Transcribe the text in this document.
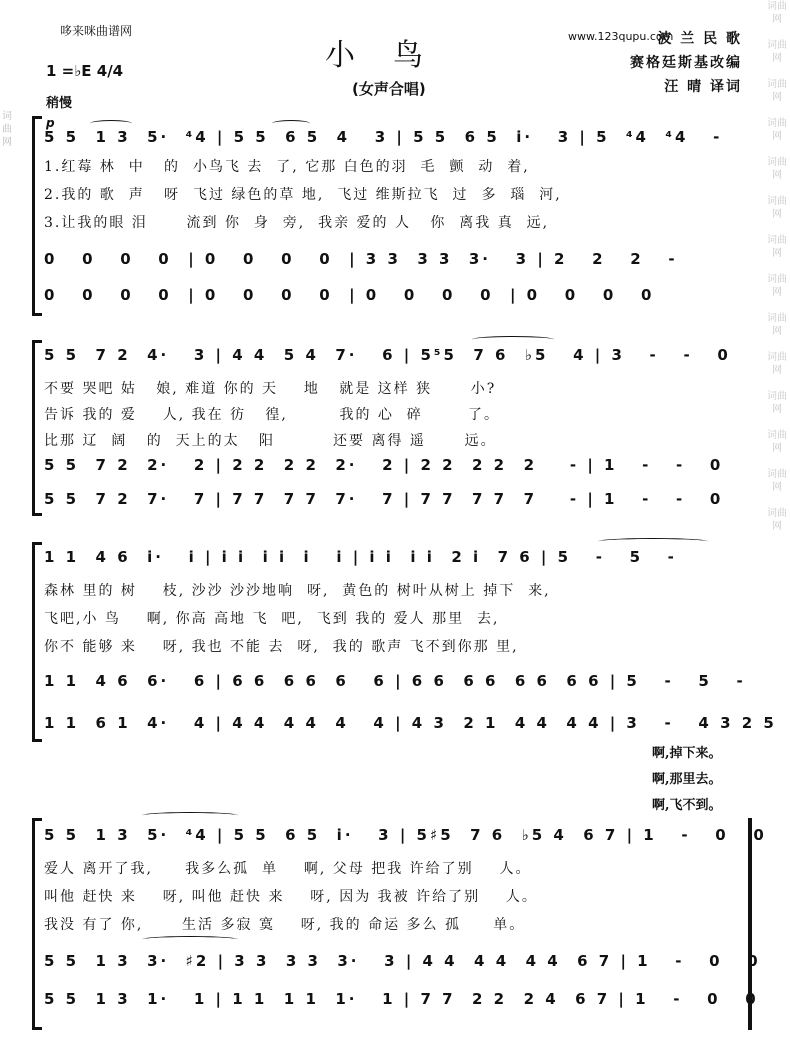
哆来咪曲谱网
小鸟
(女声合唱)
www.123qupu.com
波 兰 民 歌
赛格廷斯基改编
汪 晴 译词
1 =♭E 4/4
稍慢
词曲网
词曲网

词曲网

词曲网

词曲网

词曲网

词曲网

词曲网

词曲网

词曲网

词曲网

词曲网

词曲网

词曲网

词曲网
p
5 5  1 3  5·  ⁴4 | 5 5  6 5  4   3 | 5 5  6 5  i·   3 | 5  ⁴4  ⁴4   -
1.红莓 林  中   的  小鸟飞 去  了, 它那 白色的羽  毛  颤  动  着,
2.我的 歌  声   呀  飞过 绿色的草 地,  飞过 维斯拉飞  过  多  瑙  河,
3.让我的眼 泪      流到 你  身  旁,  我亲 爱的 人   你  离我 真  远,
0   0   0   0  | 0   0   0   0  | 3 3  3 3  3·   3 | 2   2   2   -
0   0   0   0  | 0   0   0   0  | 0   0   0   0  | 0   0   0   0
5 5  7 2  4·   3 | 4 4  5 4  7·   6 | 5⁵5  7 6  ♭5   4 | 3   -   -   0
不要 哭吧 姑   娘, 难道 你的 天    地   就是 这样 狭      小?
告诉 我的 爱    人, 我在 彷   徨,        我的 心  碎       了。
比那 辽  阔   的  天上的太   阳         还要 离得 遥      远。
5 5  7 2  2·   2 | 2 2  2 2  2·   2 | 2 2  2 2  2    - | 1   -   -   0
5 5  7 2  7·   7 | 7 7  7 7  7·   7 | 7 7  7 7  7    - | 1   -   -   0
1 1  4 6  i·   i | i i  i i  i   i | i i  i i  2 i  7 6 | 5   -   5   -
森林 里的 树    枝, 沙沙 沙沙地响  呀,  黄色的 树叶从树上 掉下  来,
飞吧,小 鸟    啊, 你高 高地 飞  吧,  飞到 我的 爱人 那里  去,
你不 能够 来    呀, 我也 不能 去  呀,  我的 歌声 飞不到你那 里,
1 1  4 6  6·   6 | 6 6  6 6  6   6 | 6 6  6 6  6 6  6 6 | 5   -   5   -
1 1  6 1  4·   4 | 4 4  4 4  4   4 | 4 3  2 1  4 4  4 4 | 3   -   4 3 2 5
啊,掉下来。
啊,那里去。
啊,飞不到。
5 5  1 3  5·  ⁴4 | 5 5  6 5  i·   3 | 5♯5  7 6  ♭5 4  6 7 | 1   -   0   0
爱人 离开了我,     我多么孤  单    啊, 父母 把我 许给了别    人。
叫他 赶快 来    呀, 叫他 赶快 来    呀, 因为 我被 许给了别    人。
我没 有了 你,      生活 多寂 寞    呀, 我的 命运 多么 孤     单。
5 5  1 3  3·  ♯2 | 3 3  3 3  3·   3 | 4 4  4 4  4 4  6 7 | 1   -   0   0
5 5  1 3  1·   1 | 1 1  1 1  1·   1 | 7 7  2 2  2 4  6 7 | 1   -   0   0
